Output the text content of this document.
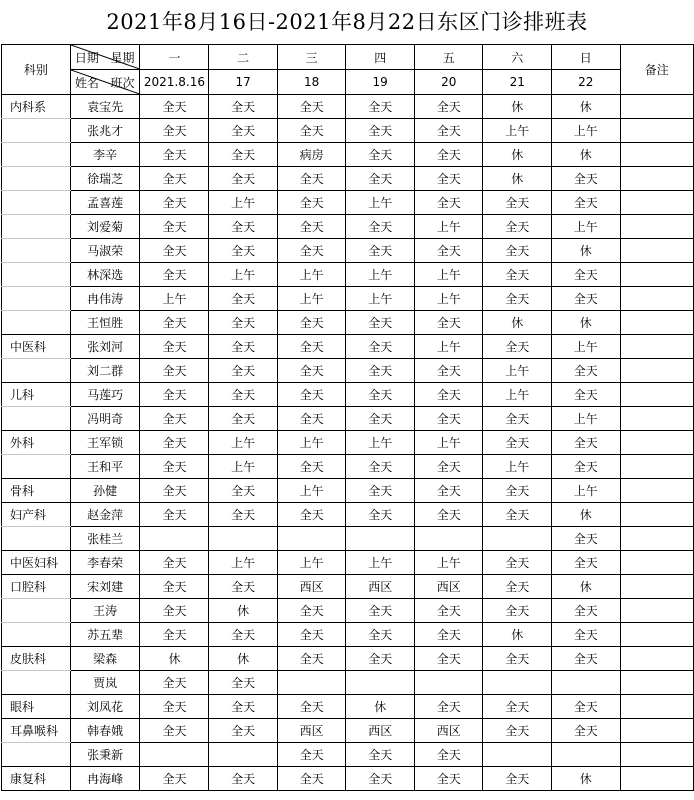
2021年8月16日-2021年8月22日东区门诊排班表
科别	日期 星期	一	二	三	四	五	六	日	备注

	姓名 班次	2021.8.16	17	18	19	20	21	22	
内科系	袁宝先	全天	全天	全天	全天	全天	休	休	
	张兆才	全天	全天	全天	全天	全天	上午	上午	
	李辛	全天	全天	病房	全天	全天	休	休	
	徐瑞芝	全天	全天	全天	全天	全天	休	全天	
	孟喜莲	全天	上午	全天	上午	全天	全天	全天	
	刘爱菊	全天	全天	全天	全天	上午	全天	上午	
	马淑荣	全天	全天	全天	全天	全天	全天	休	
	林深选	全天	上午	上午	上午	上午	全天	全天	
	冉伟涛	上午	全天	上午	上午	上午	全天	全天	
	王恒胜	全天	全天	全天	全天	全天	休	休	
中医科	张刘河	全天	全天	全天	全天	上午	全天	上午	
	刘二群	全天	全天	全天	全天	全天	上午	全天	
儿科	马莲巧	全天	全天	全天	全天	全天	上午	全天	
	冯明奇	全天	全天	全天	全天	全天	全天	上午	
外科	王军锁	全天	上午	上午	上午	上午	全天	全天	
	王和平	全天	上午	全天	全天	全天	上午	全天	
骨科	孙健	全天	全天	上午	全天	全天	全天	上午	
妇产科	赵金萍	全天	全天	全天	全天	全天	全天	休	
	张桂兰							全天	
中医妇科	李春荣	全天	上午	上午	上午	上午	全天	全天	
口腔科	宋刘建	全天	全天	西区	西区	西区	全天	休	
	王涛	全天	休	全天	全天	全天	全天	全天	
	苏五辈	全天	全天	全天	全天	全天	休	全天	
皮肤科	梁森	休	休	全天	全天	全天	全天	全天	
	贾岚	全天	全天						
眼科	刘凤花	全天	全天	全天	休	全天	全天	全天	
耳鼻喉科	韩春娥	全天	全天	西区	西区	西区	全天	全天	
	张秉新			全天	全天	全天			
康复科	冉海峰	全天	全天	全天	全天	全天	全天	休	
